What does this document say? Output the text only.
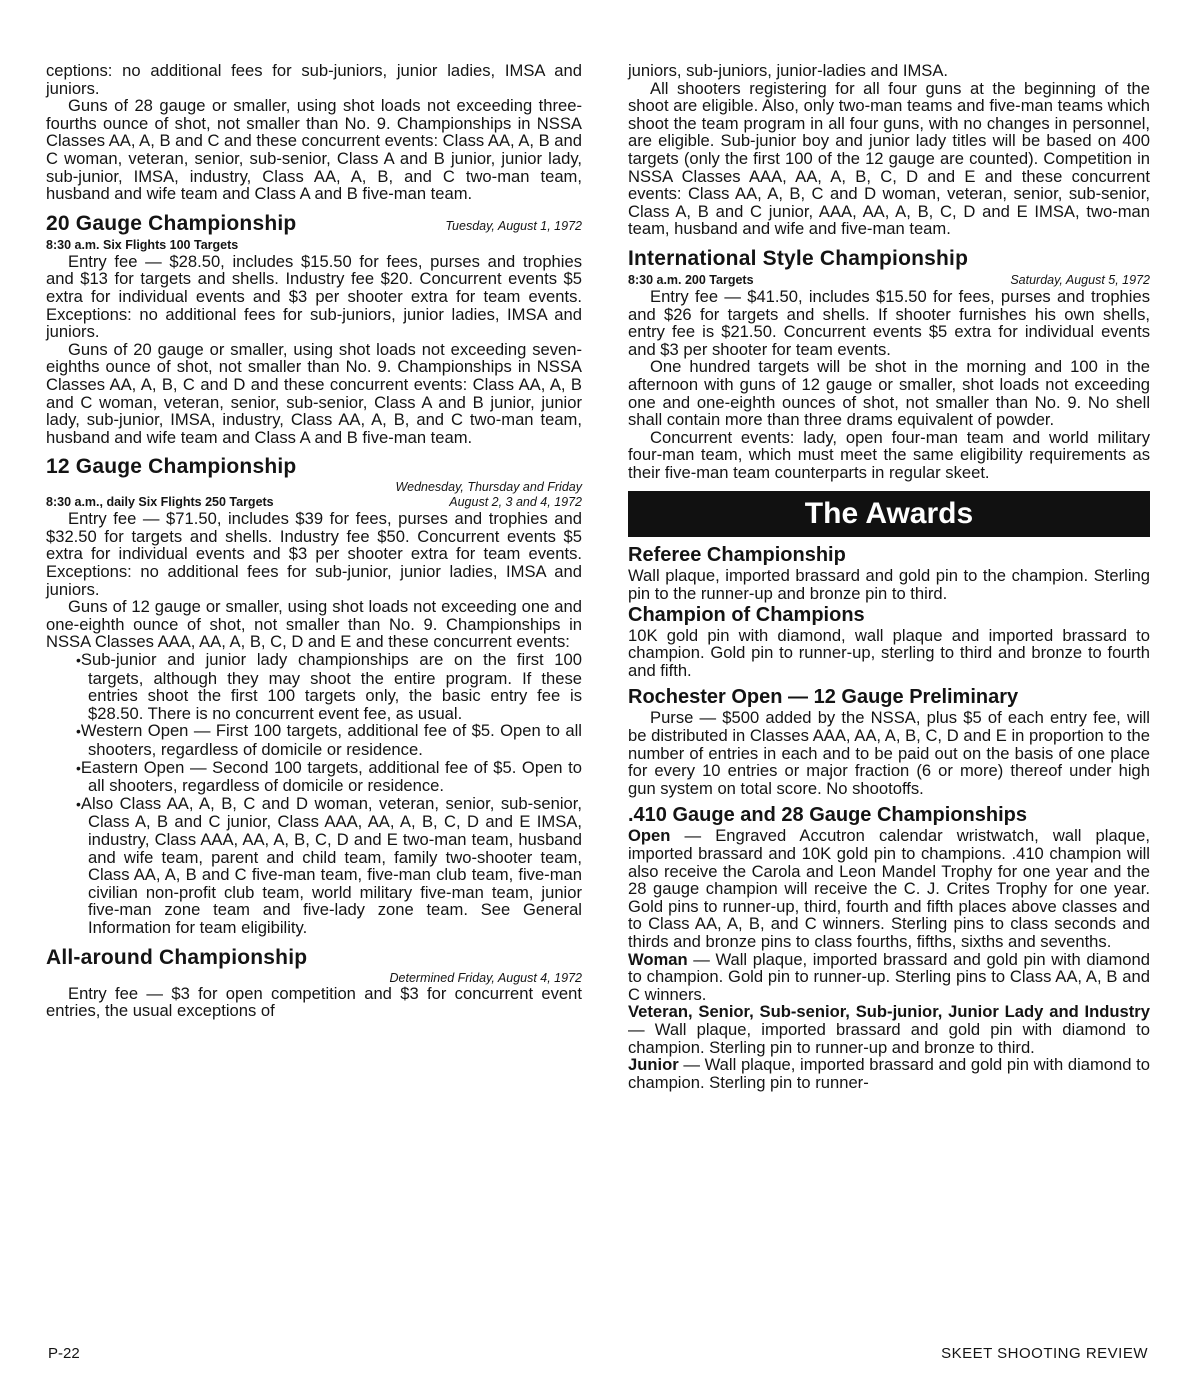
ceptions: no additional fees for sub-juniors, junior ladies, IMSA and juniors.

Guns of 28 gauge or smaller, using shot loads not exceeding three-fourths ounce of shot, not smaller than No. 9. Championships in NSSA Classes AA, A, B and C and these concurrent events: Class AA, A, B and C woman, veteran, senior, sub-senior, Class A and B junior, junior lady, sub-junior, IMSA, industry, Class AA, A, B, and C two-man team, husband and wife team and Class A and B five-man team.

20 Gauge Championship	Tuesday, August 1, 1972
8:30 a.m. Six Flights 100 Targets

Entry fee — $28.50, includes $15.50 for fees, purses and trophies and $13 for targets and shells. Industry fee $20. Concurrent events $5 extra for individual events and $3 per shooter extra for team events. Exceptions: no additional fees for sub-juniors, junior ladies, IMSA and juniors.

Guns of 20 gauge or smaller, using shot loads not exceeding seven-eighths ounce of shot, not smaller than No. 9. Championships in NSSA Classes AA, A, B, C and D and these concurrent events: Class AA, A, B and C woman, veteran, senior, sub-senior, Class A and B junior, junior lady, sub-junior, IMSA, industry, Class AA, A, B, and C two-man team, husband and wife team and Class A and B five-man team.

12 Gauge Championship
Wednesday, Thursday and Friday
8:30 a.m., daily Six Flights 250 Targets	August 2, 3 and 4, 1972

Entry fee — $71.50, includes $39 for fees, purses and trophies and $32.50 for targets and shells. Industry fee $50. Concurrent events $5 extra for individual events and $3 per shooter extra for team events. Exceptions: no additional fees for sub-junior, junior ladies, IMSA and juniors.

Guns of 12 gauge or smaller, using shot loads not exceeding one and one-eighth ounce of shot, not smaller than No. 9. Championships in NSSA Classes AAA, AA, A, B, C, D and E and these concurrent events:

• Sub-junior and junior lady championships are on the first 100 targets, although they may shoot the entire program. If these entries shoot the first 100 targets only, the basic entry fee is $28.50. There is no concurrent event fee, as usual.
• Western Open — First 100 targets, additional fee of $5. Open to all shooters, regardless of domicile or residence.
• Eastern Open — Second 100 targets, additional fee of $5. Open to all shooters, regardless of domicile or residence.
• Also Class AA, A, B, C and D woman, veteran, senior, sub-senior, Class A, B and C junior, Class AAA, AA, A, B, C, D and E IMSA, industry, Class AAA, AA, A, B, C, D and E two-man team, husband and wife team, parent and child team, family two-shooter team, Class AA, A, B and C five-man team, five-man club team, five-man civilian non-profit club team, world military five-man team, junior five-man zone team and five-lady zone team. See General Information for team eligibility.
All-around Championship
Determined Friday, August 4, 1972

Entry fee — $3 for open competition and $3 for concurrent event entries, the usual exceptions of

juniors, sub-juniors, junior-ladies and IMSA.

All shooters registering for all four guns at the beginning of the shoot are eligible. Also, only two-man teams and five-man teams which shoot the team program in all four guns, with no changes in personnel, are eligible. Sub-junior boy and junior lady titles will be based on 400 targets (only the first 100 of the 12 gauge are counted). Competition in NSSA Classes AAA, AA, A, B, C, D and E and these concurrent events: Class AA, A, B, C and D woman, veteran, senior, sub-senior, Class A, B and C junior, AAA, AA, A, B, C, D and E IMSA, two-man team, husband and wife and five-man team.

International Style Championship
8:30 a.m. 200 Targets	Saturday, August 5, 1972

Entry fee — $41.50, includes $15.50 for fees, purses and trophies and $26 for targets and shells. If shooter furnishes his own shells, entry fee is $21.50. Concurrent events $5 extra for individual events and $3 per shooter for team events.

One hundred targets will be shot in the morning and 100 in the afternoon with guns of 12 gauge or smaller, shot loads not exceeding one and one-eighth ounces of shot, not smaller than No. 9. No shell shall contain more than three drams equivalent of powder.

Concurrent events: lady, open four-man team and world military four-man team, which must meet the same eligibility requirements as their five-man team counterparts in regular skeet.

The Awards
Referee Championship

Wall plaque, imported brassard and gold pin to the champion. Sterling pin to the runner-up and bronze pin to third.

Champion of Champions

10K gold pin with diamond, wall plaque and imported brassard to champion. Gold pin to runner-up, sterling to third and bronze to fourth and fifth.

Rochester Open — 12 Gauge Preliminary

Purse — $500 added by the NSSA, plus $5 of each entry fee, will be distributed in Classes AAA, AA, A, B, C, D and E in proportion to the number of entries in each and to be paid out on the basis of one place for every 10 entries or major fraction (6 or more) thereof under high gun system on total score. No shootoffs.

.410 Gauge and 28 Gauge Championships

Open — Engraved Accutron calendar wristwatch, wall plaque, imported brassard and 10K gold pin to champions. .410 champion will also receive the Carola and Leon Mandel Trophy for one year and the 28 gauge champion will receive the C. J. Crites Trophy for one year. Gold pins to runner-up, third, fourth and fifth places above classes and to Class AA, A, B, and C winners. Sterling pins to class seconds and thirds and bronze pins to class fourths, fifths, sixths and sevenths.

Woman — Wall plaque, imported brassard and gold pin with diamond to champion. Gold pin to runner-up. Sterling pins to Class AA, A, B and C winners.

Veteran, Senior, Sub-senior, Sub-junior, Junior Lady and Industry — Wall plaque, imported brassard and gold pin with diamond to champion. Sterling pin to runner-up and bronze to third.

Junior — Wall plaque, imported brassard and gold pin with diamond to champion. Sterling pin to runner-

P-22	SKEET SHOOTING REVIEW
